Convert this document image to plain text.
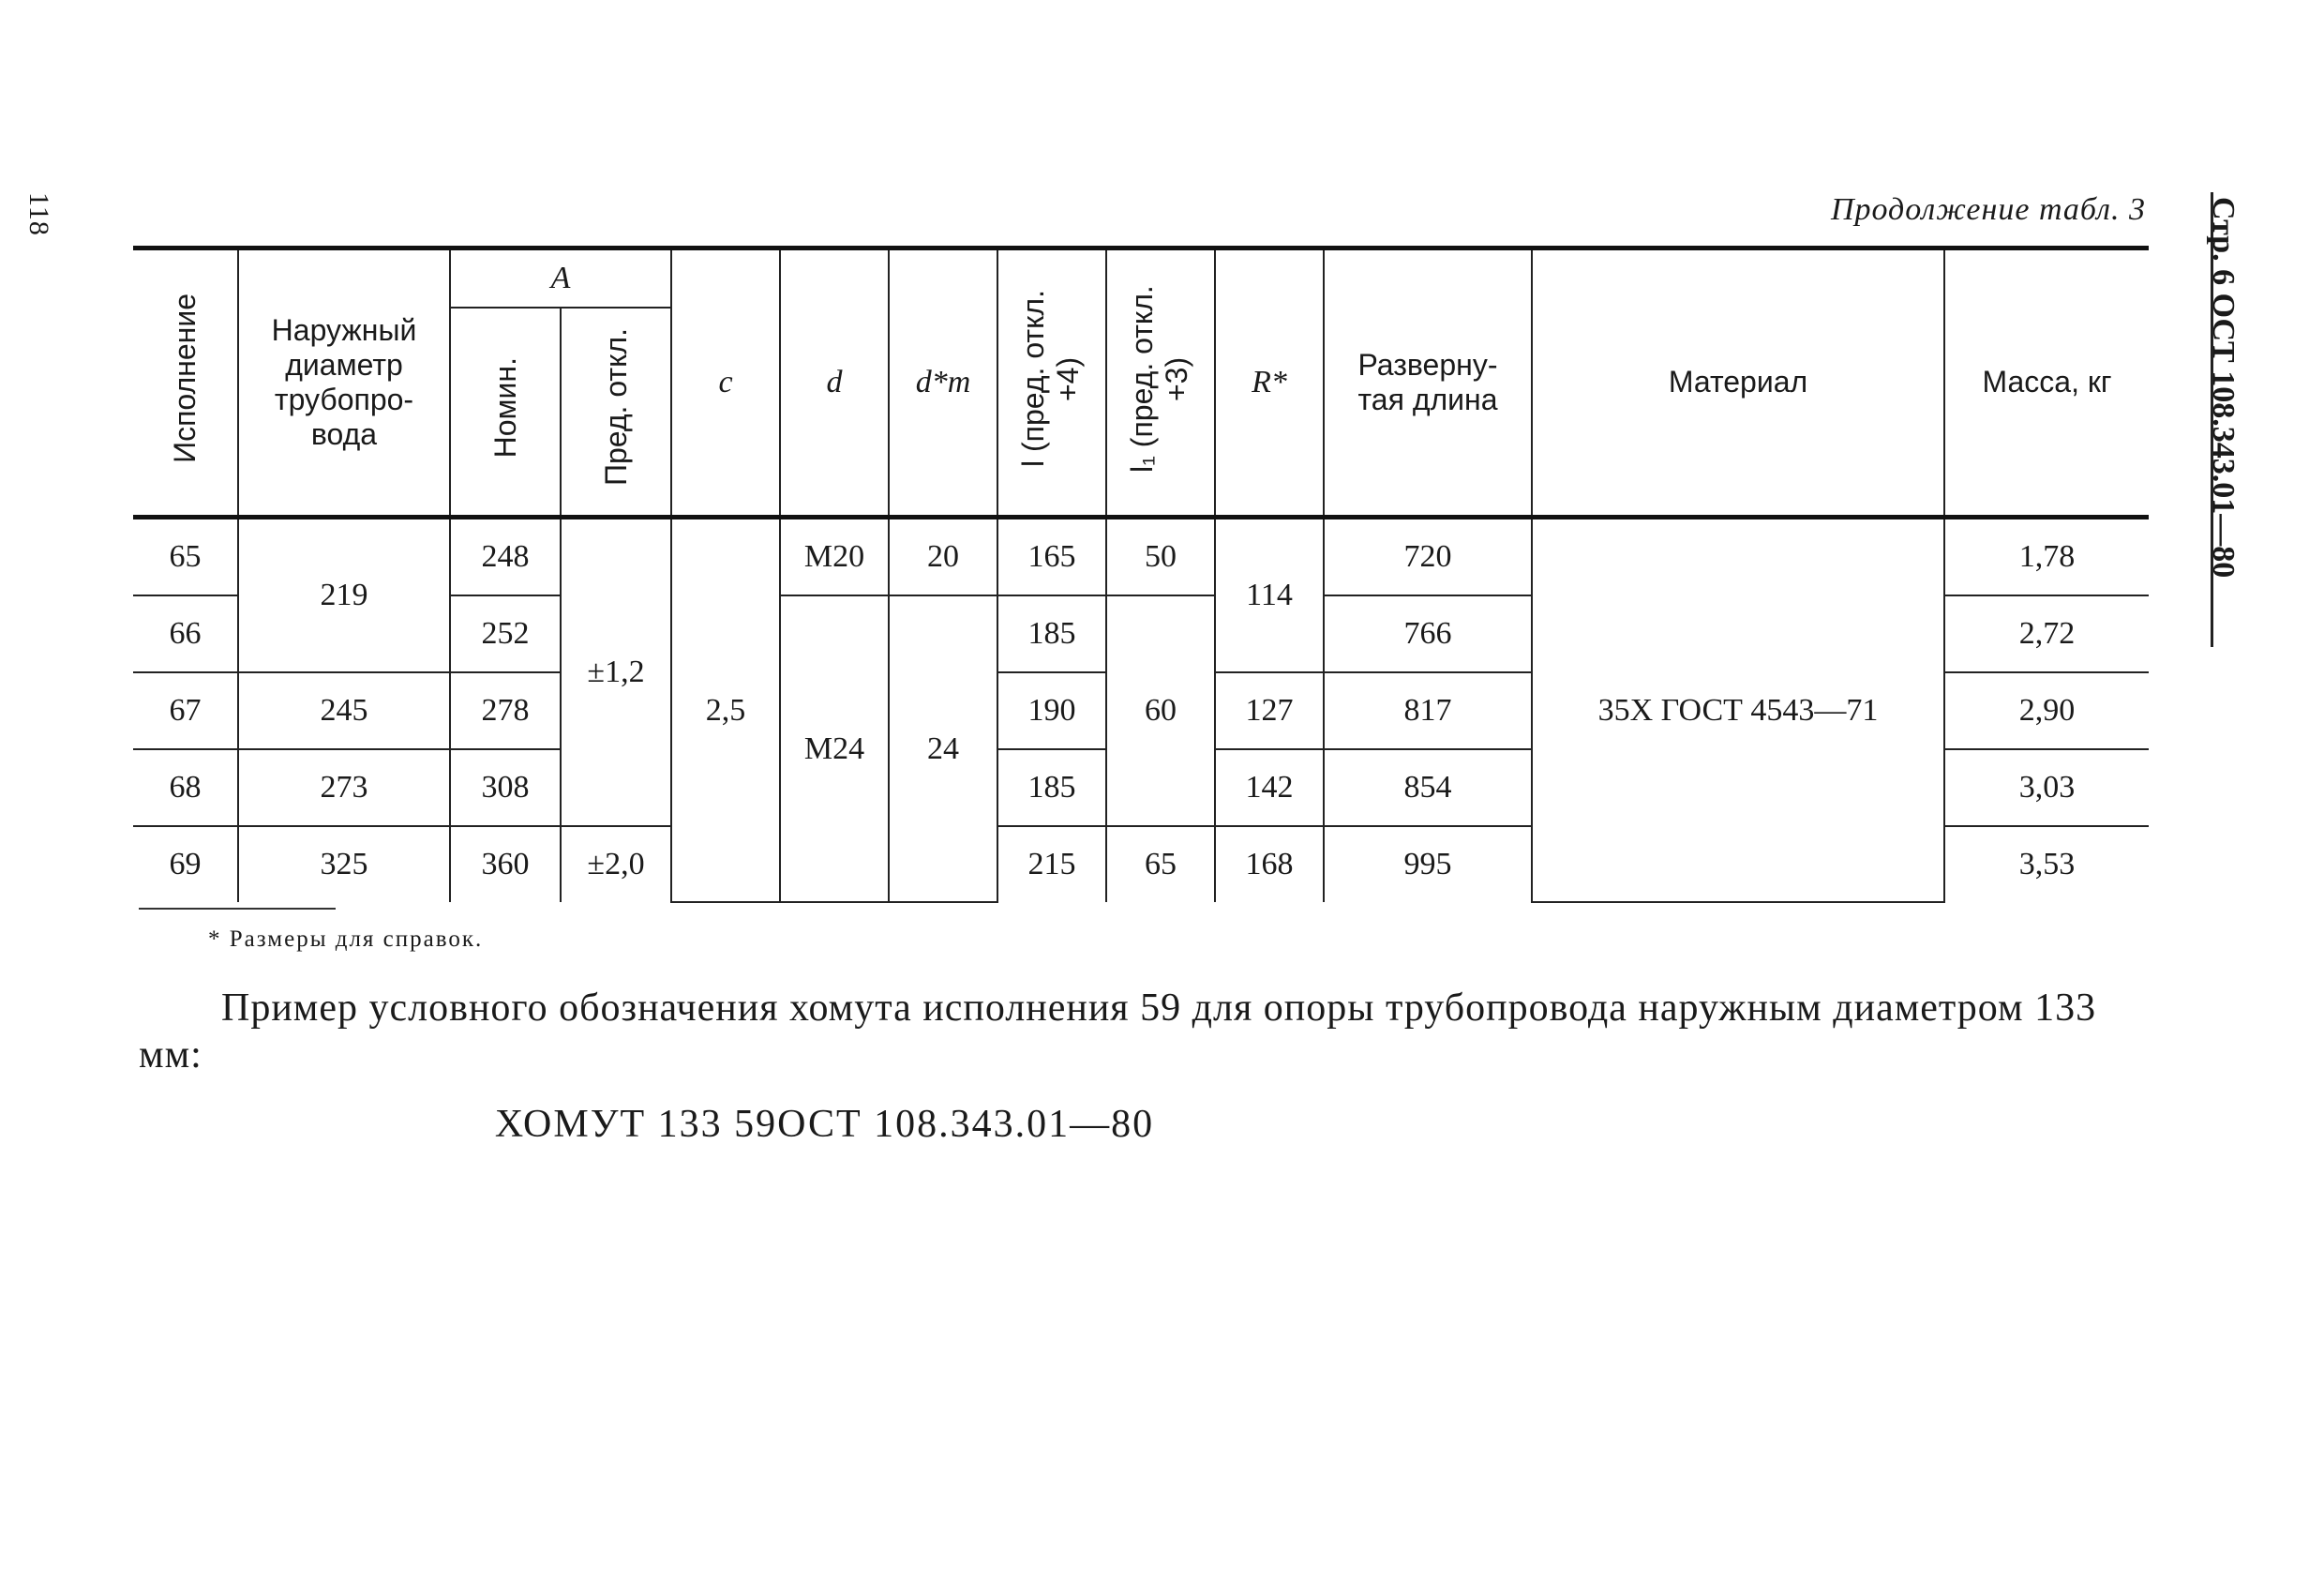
118	Стр. 6 ОСТ 108.343.01—80
Продолжение табл. 3
Исполнение	Наружный диаметр трубопро-вода	A		c	d	d*т	l (пред. откл. +4)	l₁ (пред. откл. +3)	R*	Разверну-тая длина	Материал	Масса, кг
		Номин.	Пред. откл.									
65	219	248	±1,2	2,5	M20	20	165	50	114	720	35Х ГОСТ 4543—71	1,78
66		252			M24	24	185	60		766		2,72
67	245	278					190		127	817		2,90
68	273	308					185		142	854		3,03
69	325	360	±2,0				215	65	168	995		3,53
* Размеры для справок.
Пример условного обозначения хомута исполнения 59 для опоры трубопровода наружным диаметром 133 мм:
ХОМУТ 133 59ОСТ 108.343.01—80
